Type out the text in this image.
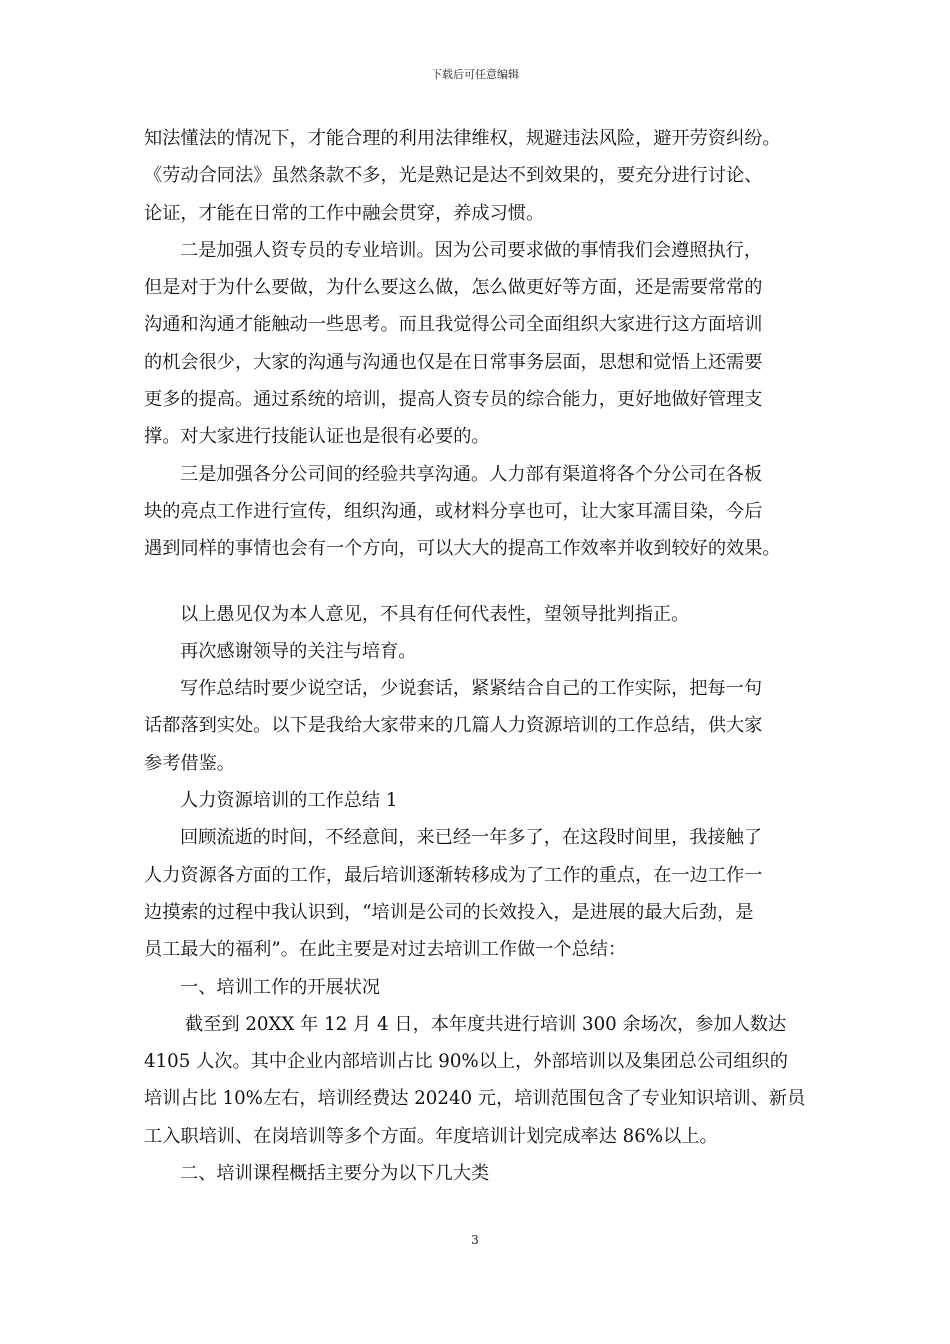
下载后可任意编辑
知法懂法的情况下，才能合理的利用法律维权，规避违法风险，避开劳资纠纷。
《劳动合同法》虽然条款不多，光是熟记是达不到效果的，要充分进行讨论、
论证，才能在日常的工作中融会贯穿，养成习惯。
二是加强人资专员的专业培训。因为公司要求做的事情我们会遵照执行，
但是对于为什么要做，为什么要这么做，怎么做更好等方面，还是需要常常的
沟通和沟通才能触动一些思考。而且我觉得公司全面组织大家进行这方面培训
的机会很少，大家的沟通与沟通也仅是在日常事务层面，思想和觉悟上还需要
更多的提高。通过系统的培训，提高人资专员的综合能力，更好地做好管理支
撑。对大家进行技能认证也是很有必要的。
三是加强各分公司间的经验共享沟通。人力部有渠道将各个分公司在各板
块的亮点工作进行宣传，组织沟通，或材料分享也可，让大家耳濡目染，今后
遇到同样的事情也会有一个方向，可以大大的提高工作效率并收到较好的效果。
以上愚见仅为本人意见，不具有任何代表性，望领导批判指正。
再次感谢领导的关注与培育。
写作总结时要少说空话，少说套话，紧紧结合自己的工作实际，把每一句
话都落到实处。以下是我给大家带来的几篇人力资源培训的工作总结，供大家
参考借鉴。
人力资源培训的工作总结 1
回顾流逝的时间，不经意间，来已经一年多了，在这段时间里，我接触了
人力资源各方面的工作，最后培训逐渐转移成为了工作的重点，在一边工作一
边摸索的过程中我认识到，“培训是公司的长效投入，是进展的最大后劲，是
员工最大的福利”。在此主要是对过去培训工作做一个总结：
一、培训工作的开展状况
截至到 20XX 年 12 月 4 日，本年度共进行培训 300 余场次，参加人数达
4105 人次。其中企业内部培训占比 90%以上，外部培训以及集团总公司组织的
培训占比 10%左右，培训经费达 20240 元，培训范围包含了专业知识培训、新员
工入职培训、在岗培训等多个方面。年度培训计划完成率达 86%以上。
二、培训课程概括主要分为以下几大类
3
